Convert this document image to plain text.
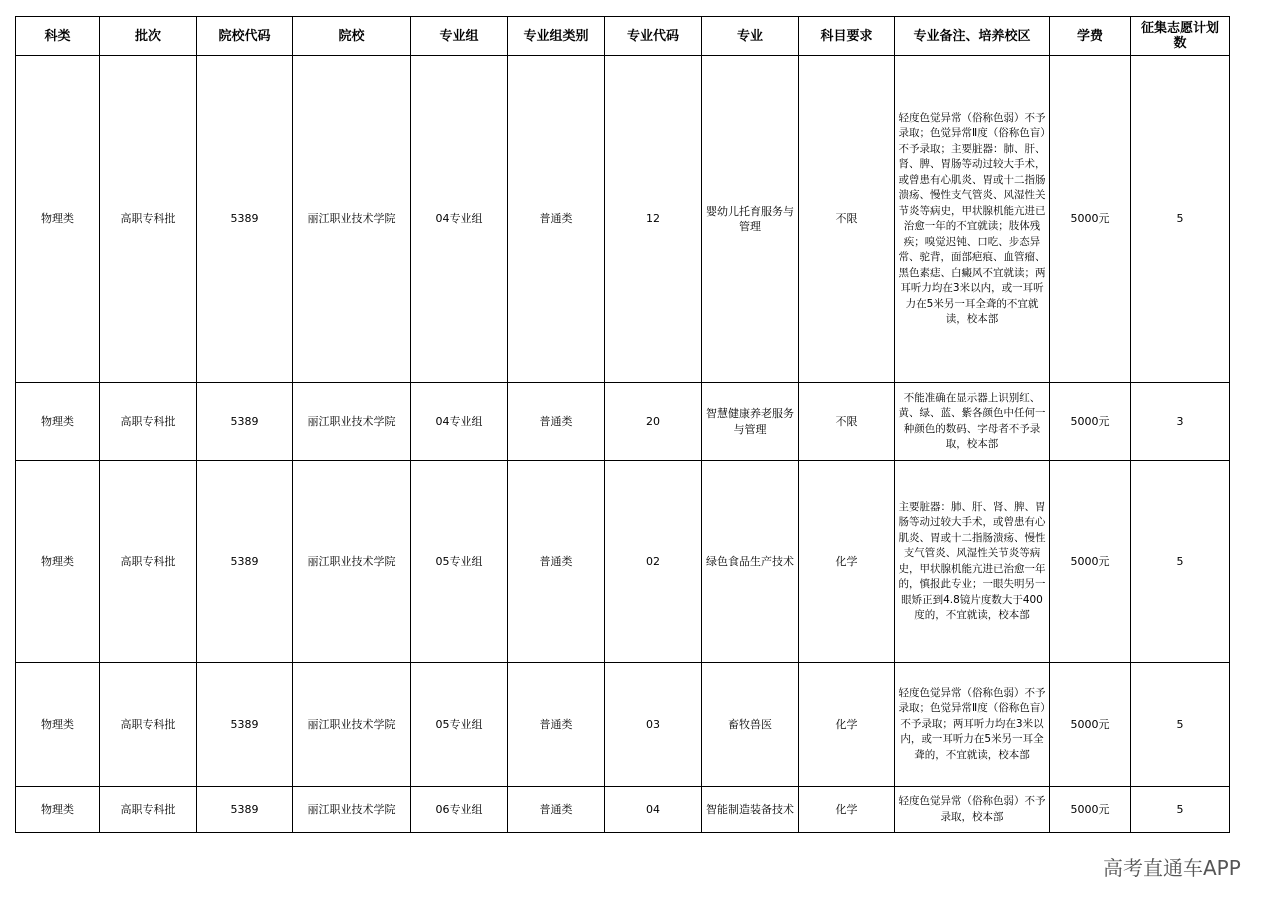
科类	批次	院校代码	院校	专业组	专业组类别	专业代码	专业	科目要求	专业备注、培养校区	学费	征集志愿计划数
物理类	高职专科批	5389	丽江职业技术学院	04专业组	普通类	12	婴幼儿托育服务与管理	不限	轻度色觉异常（俗称色弱）不予录取；色觉异常Ⅱ度（俗称色盲）不予录取；主要脏器：肺、肝、肾、脾、胃肠等动过较大手术，或曾患有心肌炎、胃或十二指肠溃疡、慢性支气管炎、风湿性关节炎等病史，甲状腺机能亢进已治愈一年的不宜就读；肢体残疾；嗅觉迟钝、口吃、步态异常、驼背，面部疤痕、血管瘤、黑色素痣、白癜风不宜就读；两耳听力均在3米以内，或一耳听力在5米另一耳全聋的不宜就读，校本部	5000元	5
物理类	高职专科批	5389	丽江职业技术学院	04专业组	普通类	20	智慧健康养老服务与管理	不限	不能准确在显示器上识别红、黄、绿、蓝、紫各颜色中任何一种颜色的数码、字母者不予录取，校本部	5000元	3
物理类	高职专科批	5389	丽江职业技术学院	05专业组	普通类	02	绿色食品生产技术	化学	主要脏器：肺、肝、肾、脾、胃肠等动过较大手术，或曾患有心肌炎、胃或十二指肠溃疡、慢性支气管炎、风湿性关节炎等病史，甲状腺机能亢进已治愈一年的，慎报此专业；一眼失明另一眼矫正到4.8镜片度数大于400度的，不宜就读，校本部	5000元	5
物理类	高职专科批	5389	丽江职业技术学院	05专业组	普通类	03	畜牧兽医	化学	轻度色觉异常（俗称色弱）不予录取；色觉异常Ⅱ度（俗称色盲）不予录取；两耳听力均在3米以内，或一耳听力在5米另一耳全聋的，不宜就读，校本部	5000元	5
物理类	高职专科批	5389	丽江职业技术学院	06专业组	普通类	04	智能制造装备技术	化学	轻度色觉异常（俗称色弱）不予录取，校本部	5000元	5
高考直通车APP
